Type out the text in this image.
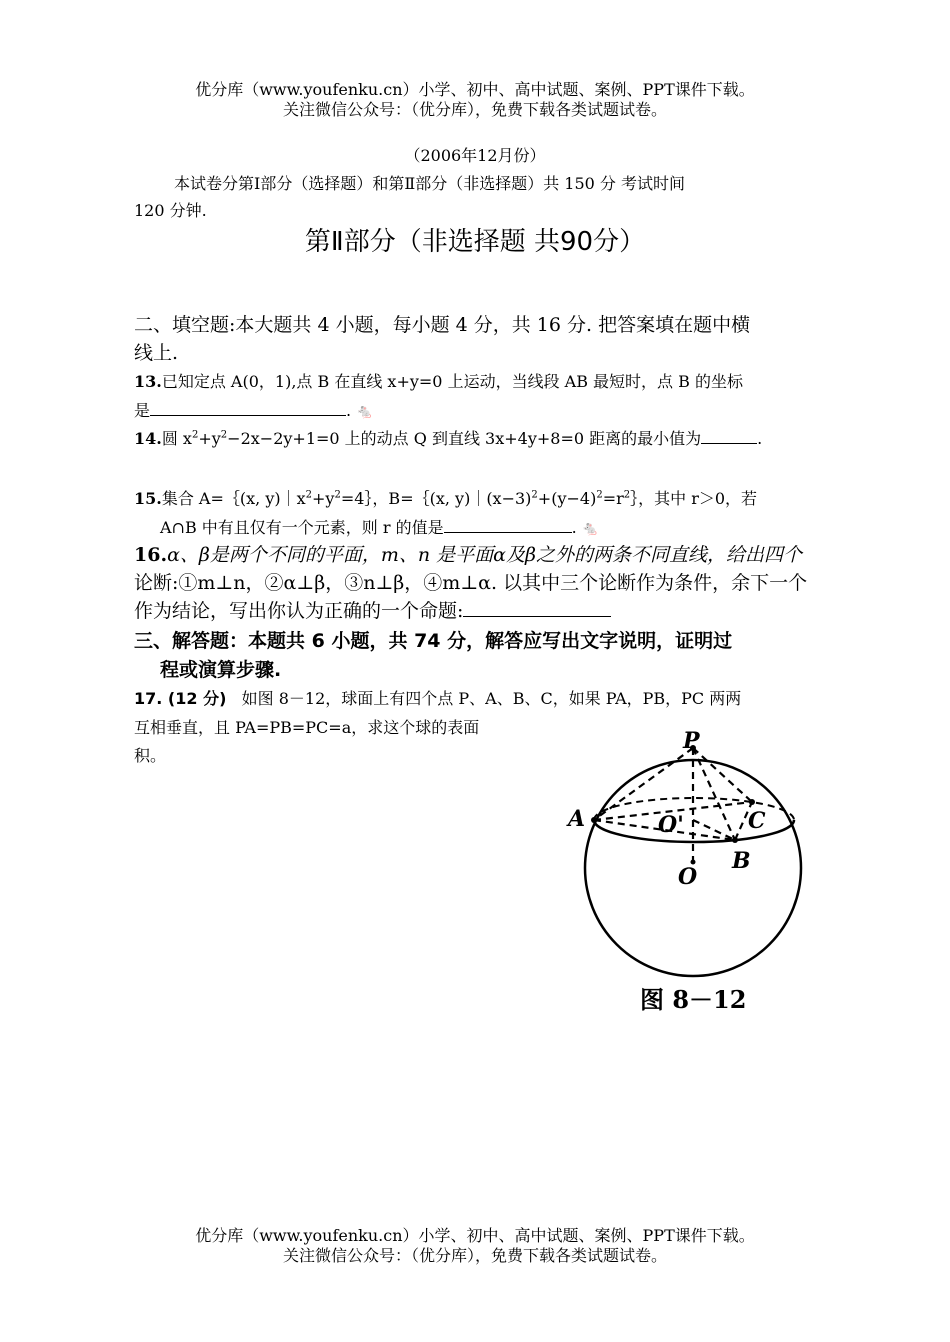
优分库（www.youfenku.cn）小学、初中、高中试题、案例、PPT课件下载。
关注微信公众号：（优分库），免费下载各类试题试卷。
（2006年12月份）
本试卷分第Ⅰ部分（选择题）和第Ⅱ部分（非选择题）共 150 分 考试时间
120 分钟.
第Ⅱ部分（非选择题 共90分）
二、填空题:本大题共 4 小题，每小题 4 分，共 16 分. 把答案填在题中横
线上.
13.已知定点 A(0，1),点 B 在直线 x+y=0 上运动，当线段 AB 最短时，点 B 的坐标
是	. 🐁
14.圆 $x^2+y^2-2x-2y+1=0$ 上的动点 Q 到直线 3x+4y+8=0 距离的最小值为	.
15.集合 A=｛(x, $y)|x^2+y^2=4\}$，B=｛(x, $y)|(x-3)^2+(y-4)^2=r^2\}$，其中 r＞0，若
A∩B 中有且仅有一个元素，则 r 的值是	. 🐁
16.α、β是两个不同的平面，m、n 是平面α及β之外的两条不同直线，给出四个
论断:①m⊥n，②α⊥β，③n⊥β，④m⊥α. 以其中三个论断作为条件，余下一个
作为结论，写出你认为正确的一个命题:
三、解答题：本题共 6 小题，共 74 分，解答应写出文字说明，证明过
程或演算步骤.
17. (12 分) 如图 8－12，球面上有四个点 P、A、B、C，如果 PA，PB，PC 两两
互相垂直，且 PA=PB=PC=a，求这个球的表面
积。
P
A
B
C
O'
O
图 8－12
优分库（www.youfenku.cn）小学、初中、高中试题、案例、PPT课件下载。
关注微信公众号：（优分库），免费下载各类试题试卷。
